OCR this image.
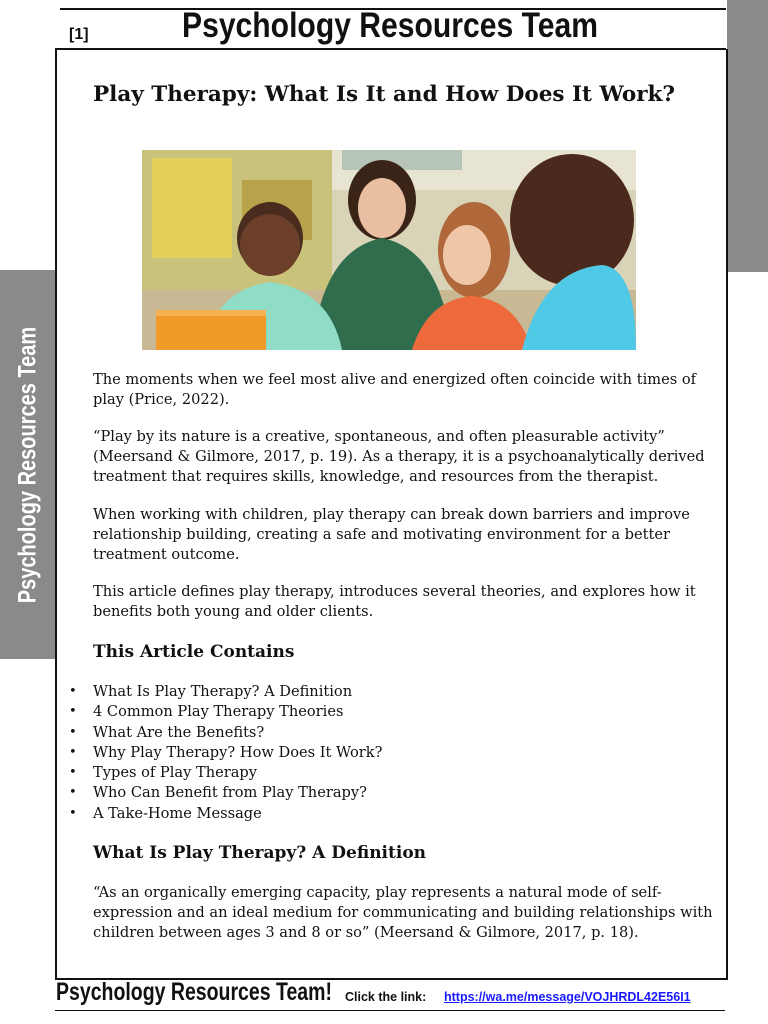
[1]	Psychology Resources Team
Psychology Resources Team
Play Therapy: What Is It and How Does It Work?

The moments when we feel most alive and energized often coincide with times of play (Price, 2022).

“Play by its nature is a creative, spontaneous, and often pleasurable activity” (Meersand & Gilmore, 2017, p. 19). As a therapy, it is a psychoanalytically derived treatment that requires skills, knowledge, and resources from the therapist.

When working with children, play therapy can break down barriers and improve relationship building, creating a safe and motivating environment for a better treatment outcome.

This article defines play therapy, introduces several theories, and explores how it benefits both young and older clients.

This Article Contains
• What Is Play Therapy? A Definition
• 4 Common Play Therapy Theories
• What Are the Benefits?
• Why Play Therapy? How Does It Work?
• Types of Play Therapy
• Who Can Benefit from Play Therapy?
• A Take-Home Message
What Is Play Therapy? A Definition

“As an organically emerging capacity, play represents a natural mode of self-expression and an ideal medium for communicating and building relationships with children between ages 3 and 8 or so” (Meersand & Gilmore, 2017, p. 18).

Psychology Resources Team! Click the link: https://wa.me/message/VOJHRDL42E56I1
